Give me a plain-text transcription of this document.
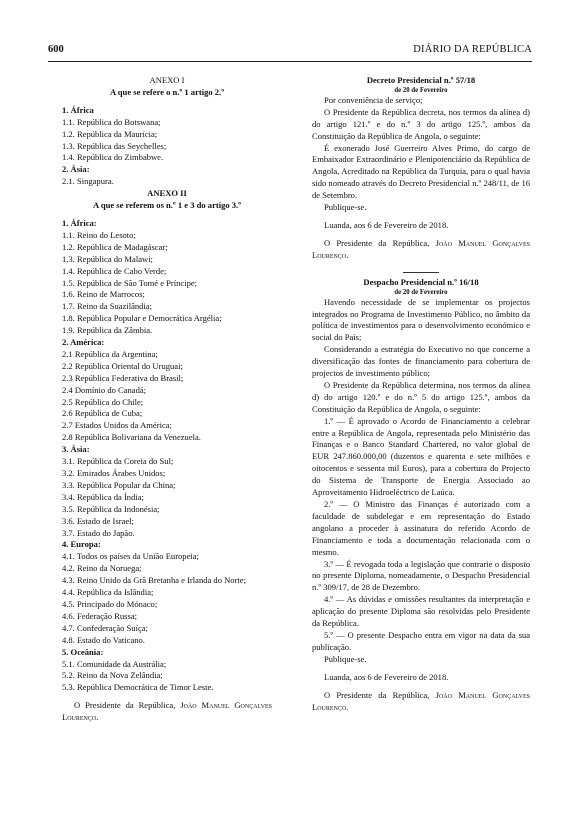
600	DIÁRIO DA REPÚBLICA
ANEXO I
A que se refere o n.º 1 artigo 2.º
1. África
1.1. República do Botswana;
1.2. República da Maurícia;
1.3. República das Seychelles;
1.4. República do Zimbabwe.
2. Ásia:
2.1. Singapura.
ANEXO II
A que se referem os n.º 1 e 3 do artigo 3.º
1. África:
1.1. Reino do Lesoto;
1.2. República de Madagáscar;
1.3. República do Malawi;
1.4. República de Cabo Verde;
1.5. República de São Tomé e Príncipe;
1.6. Reino de Marrocos;
1.7. Reino da Suazilândia;
1.8. República Popular e Democrática Argélia;
1.9. República da Zâmbia.
2. América:
2.1 República da Argentina;
2.2 República Oriental do Uruguai;
2.3 República Federativa do Brasil;
2.4 Domínio do Canadá;
2.5 República do Chile;
2.6 República de Cuba;
2.7 Estados Unidos da América;
2.8 República Bolivariana da Venezuela.
3. Ásia:
3.1. República da Coreia do Sul;
3.2. Emirados Árabes Unidos;
3.3. República Popular da China;
3.4. República da Índia;
3.5. República da Indonésia;
3.6. Estado de Israel;
3.7. Estado do Japão.
4. Europa:
4.1. Todos os países da União Europeia;
4.2. Reino da Noruega;
4.3. Reino Unido da Grã Bretanha e Irlanda do Norte;
4.4. República da Islândia;
4.5. Principado do Mónaco;
4.6. Federação Russa;
4.7. Confederação Suíça;
4.8. Estado do Vaticano.
5. Oceânia:
5.1. Comunidade da Austrália;
5.2. Reino da Nova Zelândia;
5.3. República Democrática de Timor Leste.
O Presidente da República, João Manuel Gonçalves Lourenço.
Decreto Presidencial n.º 57/18
de 20 de Fevereiro
Por conveniência de serviço;
O Presidente da República decreta, nos termos da alínea d) do artigo 121.º e do n.º 3 do artigo 125.º, ambos da Constituição da República de Angola, o seguinte:
É exonerado José Guerreiro Alves Primo, do cargo de Embaixador Extraordinário e Plenipotenciário da República de Angola, Acreditado na República da Turquia, para o qual havia sido nomeado através do Decreto Presidencial n.º 248/11, de 16 de Setembro.
Publique-se.
Luanda, aos 6 de Fevereiro de 2018.
O Presidente da República, João Manuel Gonçalves Lourenço.
Despacho Presidencial n.º 16/18
de 20 de Fevereiro
Havendo necessidade de se implementar os projectos integrados no Programa de Investimento Público, no âmbito da política de investimentos para o desenvolvimento económico e social do País;
Considerando a estratégia do Executivo no que concerne a diversificação das fontes de financiamento para cobertura de projectos de investimento público;
O Presidente da República determina, nos termos da alínea d) do artigo 120.º e do n.º 5 do artigo 125.º, ambos da Constituição da República de Angola, o seguinte:
1.º — É aprovado o Acordo de Financiamento a celebrar entre a República de Angola, representada pelo Ministério das Finanças e o Banco Standard Chartered, no valor global de EUR 247.860.000,00 (duzentos e quarenta e sete milhões e oitocentos e sessenta mil Euros), para a cobertura do Projecto do Sistema de Transporte de Energia Associado ao Aproveitamento Hidroeléctrico de Laúca.
2.º — O Ministro das Finanças é autorizado com a faculdade de subdelegar e em representação do Estado angolano a proceder à assinatura do referido Acordo de Financiamento e toda a documentação relacionada com o mesmo.
3.º — É revogada toda a legislação que contrarie o disposto no presente Diploma, nomeadamente, o Despacho Presidencial n.º 309/17, de 28 de Dezembro.
4.º — As dúvidas e omissões resultantes da interpretação e aplicação do presente Diploma são resolvidas pelo Presidente da República.
5.º — O presente Despacho entra em vigor na data da sua publicação.
Publique-se.
Luanda, aos 6 de Fevereiro de 2018.
O Presidente da República, João Manuel Gonçalves Lourenço.
